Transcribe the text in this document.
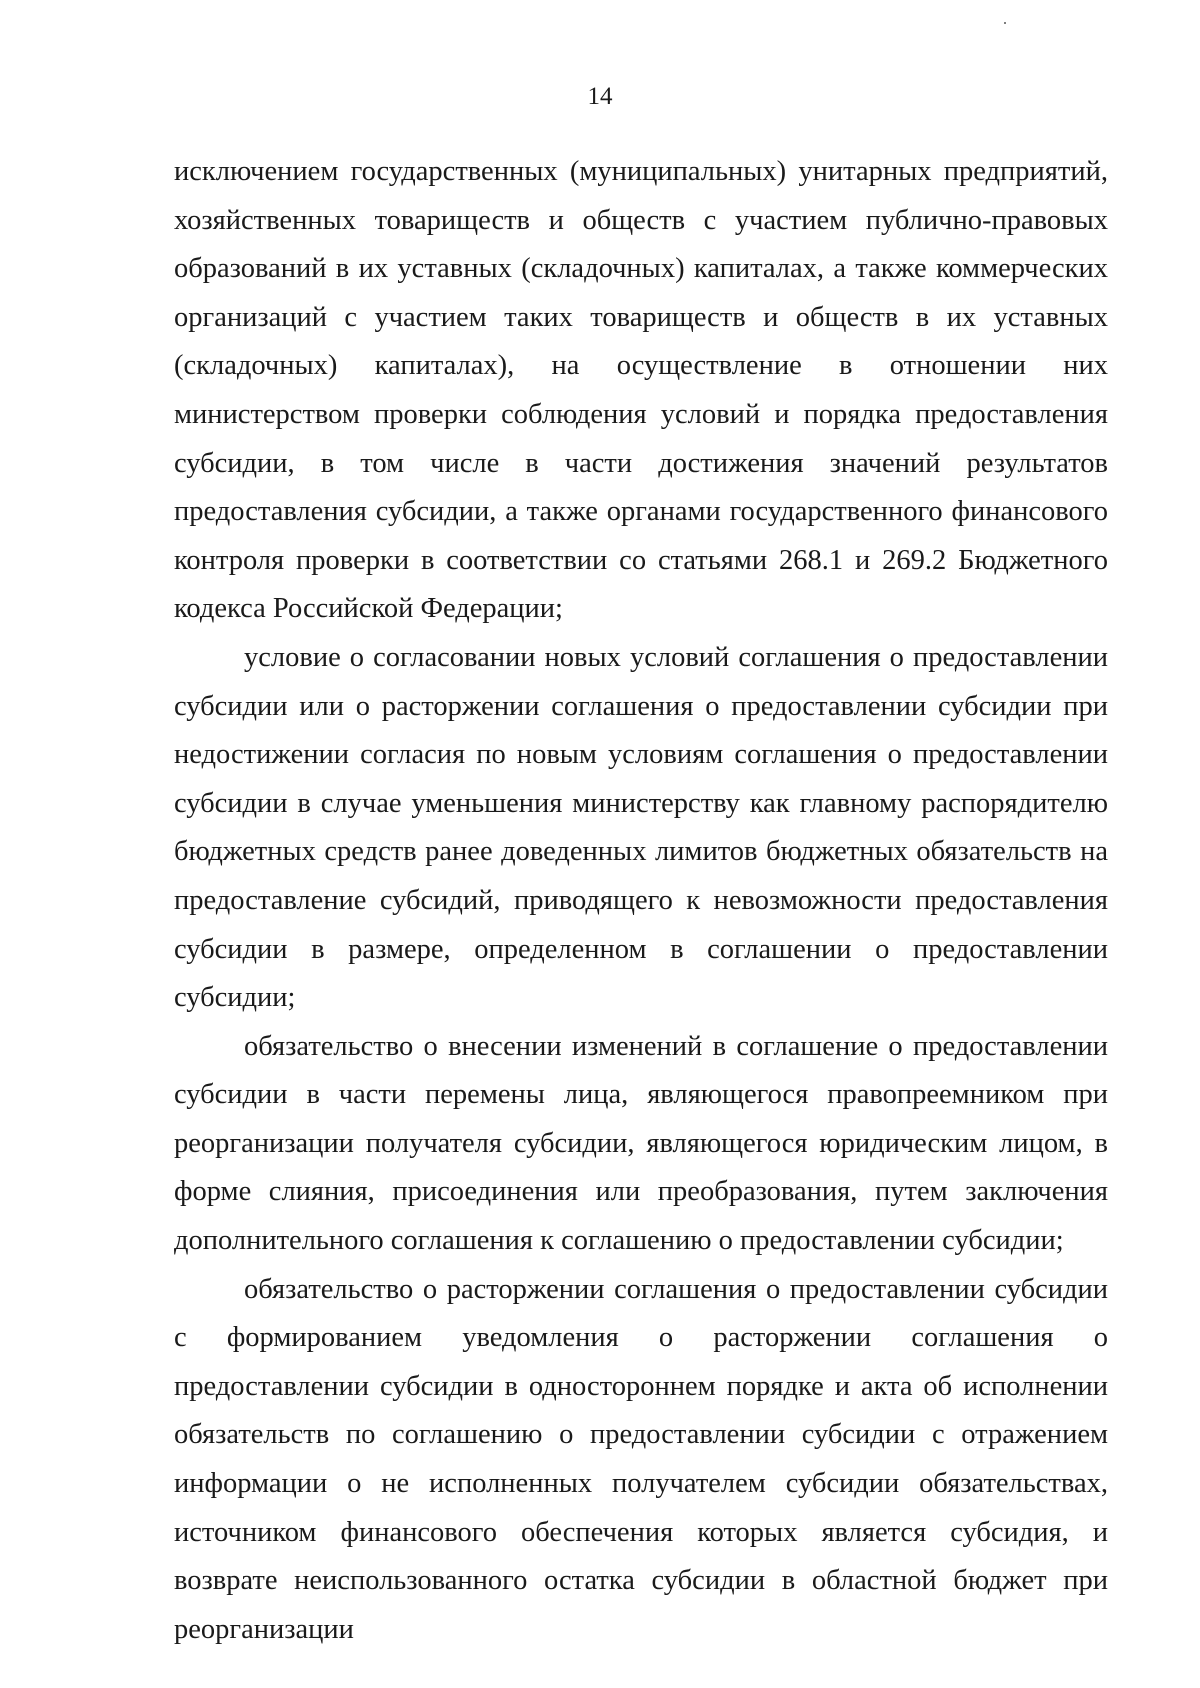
14

исключением государственных (муниципальных) унитарных предприятий, хозяйственных товариществ и обществ с участием публично-правовых образований в их уставных (складочных) капиталах, а также коммерческих организаций с участием таких товариществ и обществ в их уставных (складочных) капиталах), на осуществление в отношении них министерством проверки соблюдения условий и порядка предоставления субсидии, в том числе в части достижения значений результатов предоставления субсидии, а также органами государственного финансового контроля проверки в соответствии со статьями 268.1 и 269.2 Бюджетного кодекса Российской Федерации;

условие о согласовании новых условий соглашения о предоставлении субсидии или о расторжении соглашения о предоставлении субсидии при недостижении согласия по новым условиям соглашения о предоставлении субсидии в случае уменьшения министерству как главному распорядителю бюджетных средств ранее доведенных лимитов бюджетных обязательств на предоставление субсидий, приводящего к невозможности предоставления субсидии в размере, определенном в соглашении о предоставлении субсидии;

обязательство о внесении изменений в соглашение о предоставлении субсидии в части перемены лица, являющегося правопреемником при реорганизации получателя субсидии, являющегося юридическим лицом, в форме слияния, присоединения или преобразования, путем заключения дополнительного соглашения к соглашению о предоставлении субсидии;

обязательство о расторжении соглашения о предоставлении субсидии с формированием уведомления о расторжении соглашения о предоставлении субсидии в одностороннем порядке и акта об исполнении обязательств по соглашению о предоставлении субсидии с отражением информации о не исполненных получателем субсидии обязательствах, источником финансового обеспечения которых является субсидия, и возврате неиспользованного остатка субсидии в областной бюджет при реорганизации
